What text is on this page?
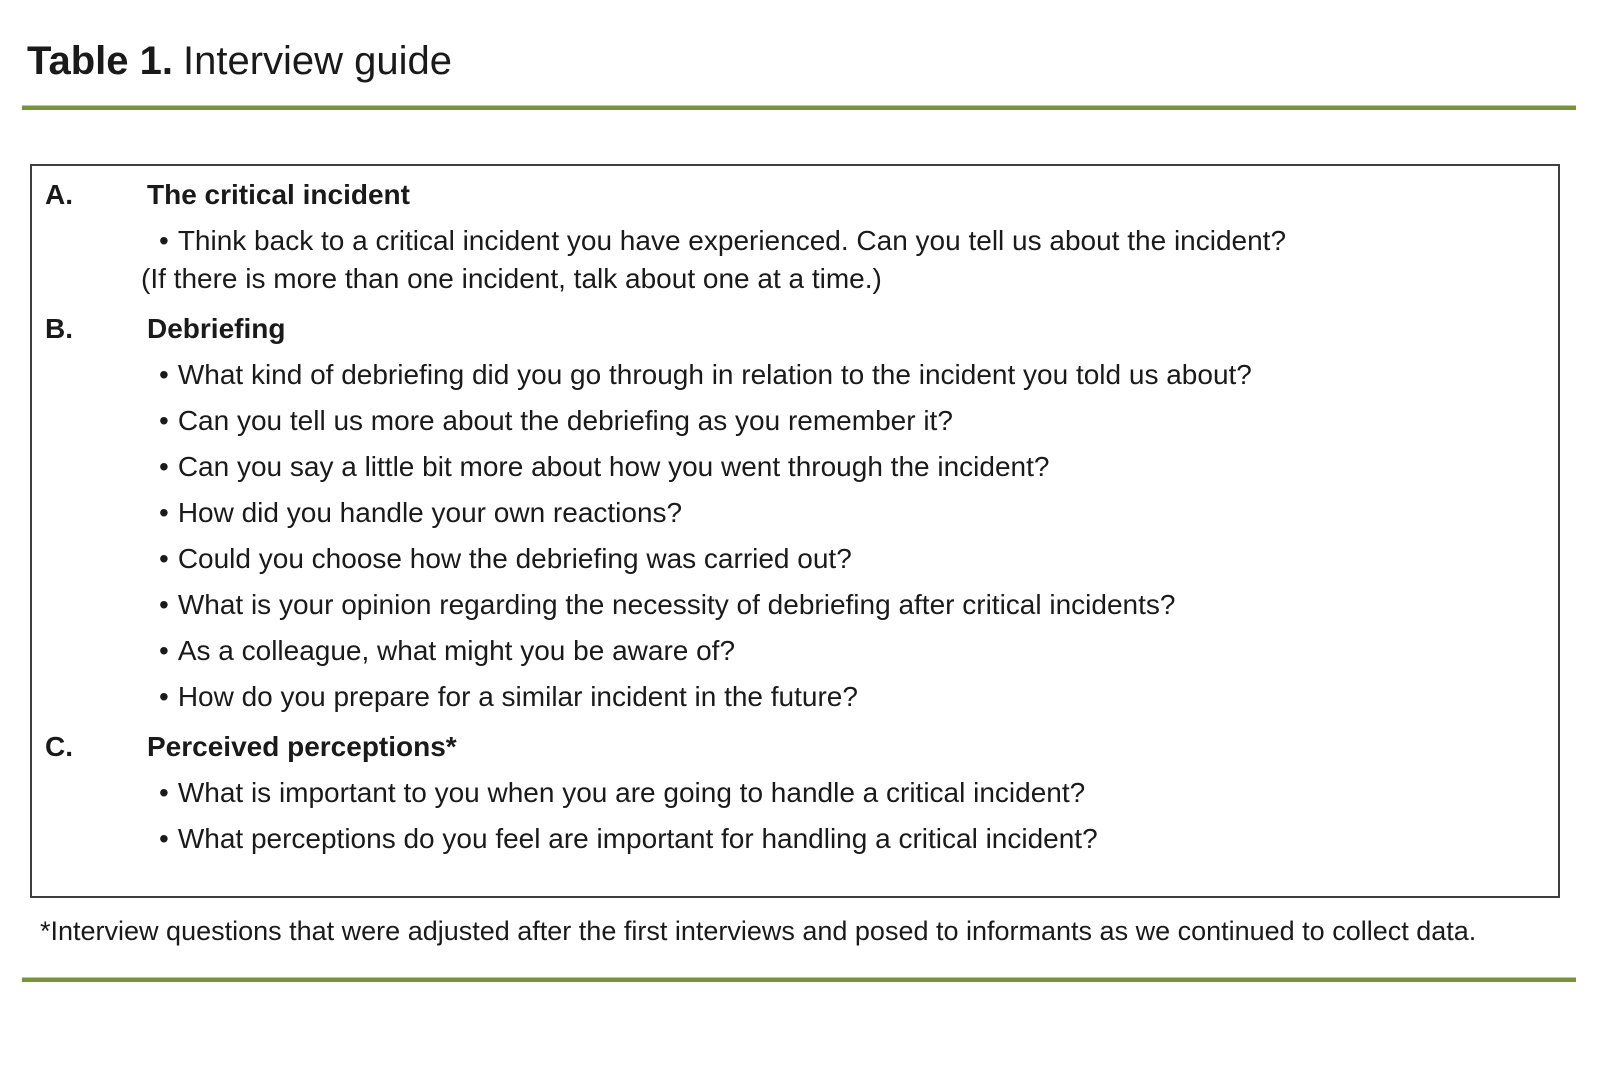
Table 1. Interview guide
A.	The critical incident
• Think back to a critical incident you have experienced. Can you tell us about the incident?
(If there is more than one incident, talk about one at a time.)
B.	Debriefing
• What kind of debriefing did you go through in relation to the incident you told us about?
• Can you tell us more about the debriefing as you remember it?
• Can you say a little bit more about how you went through the incident?
• How did you handle your own reactions?
• Could you choose how the debriefing was carried out?
• What is your opinion regarding the necessity of debriefing after critical incidents?
• As a colleague, what might you be aware of?
• How do you prepare for a similar incident in the future?
C.	Perceived perceptions*
• What is important to you when you are going to handle a critical incident?
• What perceptions do you feel are important for handling a critical incident?
*Interview questions that were adjusted after the first interviews and posed to informants as we continued to collect data.
